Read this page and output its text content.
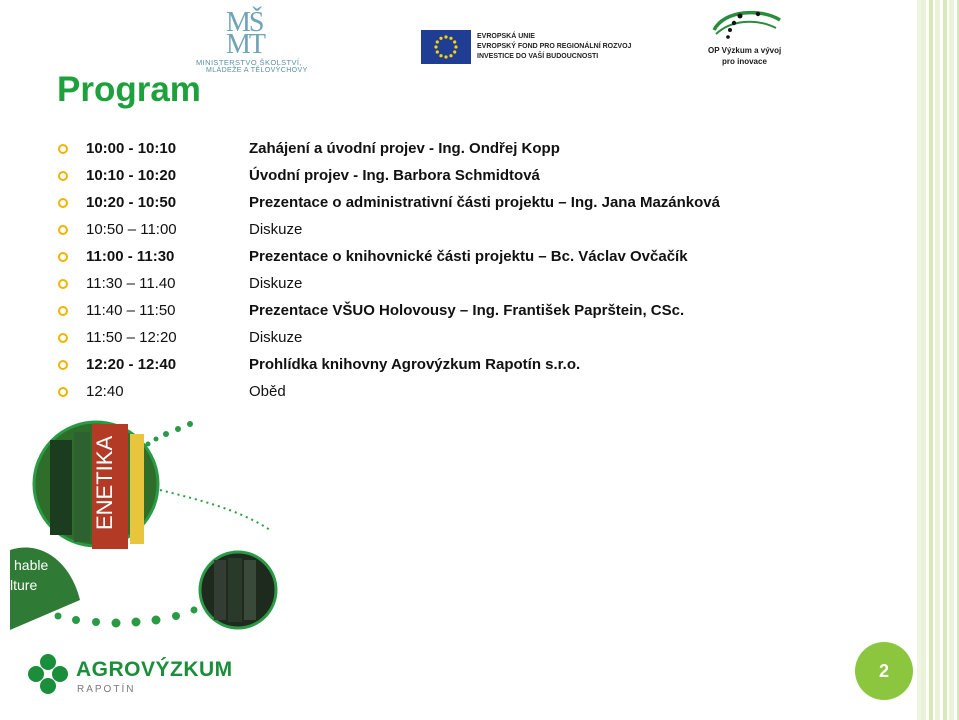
MŠ
MT
MINISTERSTVO ŠKOLSTVÍ,
MLÁDEŽE A TĚLOVÝCHOVY
EVROPSKÁ UNIE
EVROPSKÝ FOND PRO REGIONÁLNÍ ROZVOJ
INVESTICE DO VAŠÍ BUDOUCNOSTI
OP Výzkum a vývoj
pro inovace
Program
10:00 - 10:10	Zahájení a úvodní projev - Ing. Ondřej Kopp
10:10 - 10:20	Úvodní projev - Ing. Barbora Schmidtová
10:20 - 10:50	Prezentace o administrativní části projektu – Ing. Jana Mazánková
10:50 – 11:00	Diskuze
11:00 - 11:30	Prezentace o knihovnické části projektu – Bc. Václav Ovčačík
11:30 – 11.40	Diskuze
11:40 – 11:50	Prezentace VŠUO Holovousy – Ing. František Paprštein, CSc.
11:50 – 12:20	Diskuze
12:20 - 12:40	Prohlídka knihovny Agrovýzkum Rapotín s.r.o.
12:40	Oběd
ENETIKA
hable
lture
AGROVÝZKUM
RAPOTÍN
2
